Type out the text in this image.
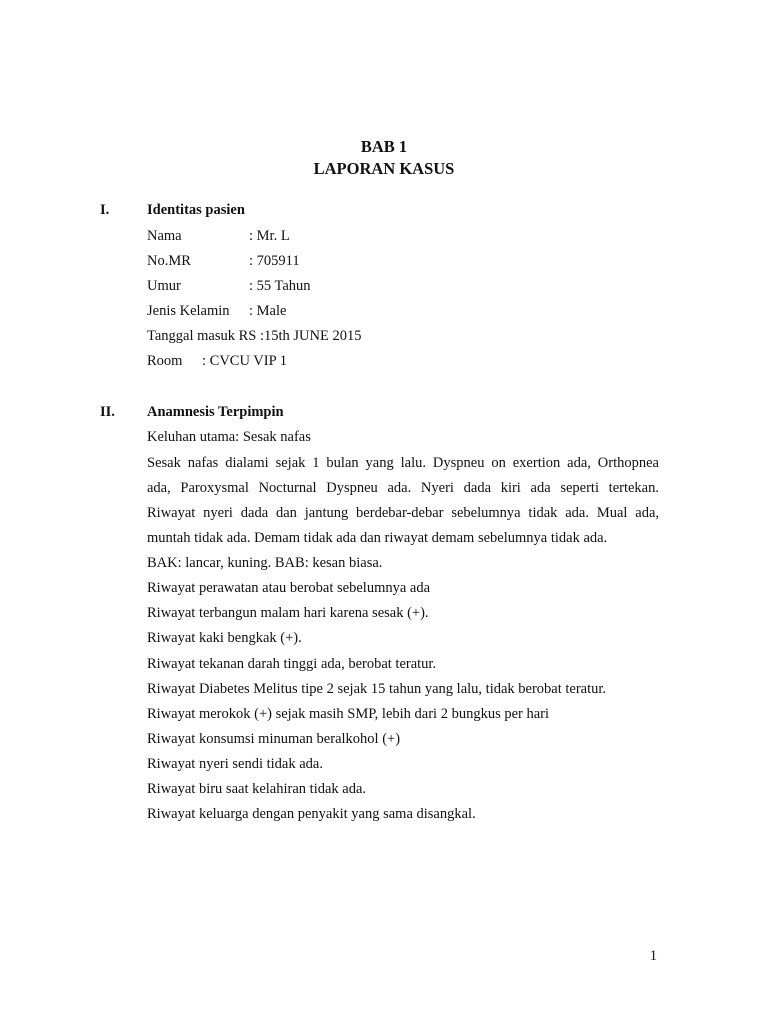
BAB 1
LAPORAN KASUS
I.	Identitas pasien
Nama	: Mr. L
No.MR	: 705911
Umur	: 55 Tahun
Jenis Kelamin : Male
Tanggal masuk RS :15th JUNE 2015
Room : CVCU VIP 1
II. Anamnesis Terpimpin
Keluhan utama: Sesak nafas
Sesak nafas dialami sejak 1 bulan yang lalu. Dyspneu on exertion ada, Orthopnea
ada, Paroxysmal Nocturnal Dyspneu ada. Nyeri dada kiri ada seperti tertekan.
Riwayat nyeri dada dan jantung berdebar-debar sebelumnya tidak ada. Mual ada,
muntah tidak ada. Demam tidak ada dan riwayat demam sebelumnya tidak ada.
BAK: lancar, kuning. BAB: kesan biasa.
Riwayat perawatan atau berobat sebelumnya ada
Riwayat terbangun malam hari karena sesak (+).
Riwayat kaki bengkak (+).
Riwayat tekanan darah tinggi ada, berobat teratur.
Riwayat Diabetes Melitus tipe 2 sejak 15 tahun yang lalu, tidak berobat teratur.
Riwayat merokok (+) sejak masih SMP, lebih dari 2 bungkus per hari
Riwayat konsumsi minuman beralkohol (+)
Riwayat nyeri sendi tidak ada.
Riwayat biru saat kelahiran tidak ada.
Riwayat keluarga dengan penyakit yang sama disangkal.
1
